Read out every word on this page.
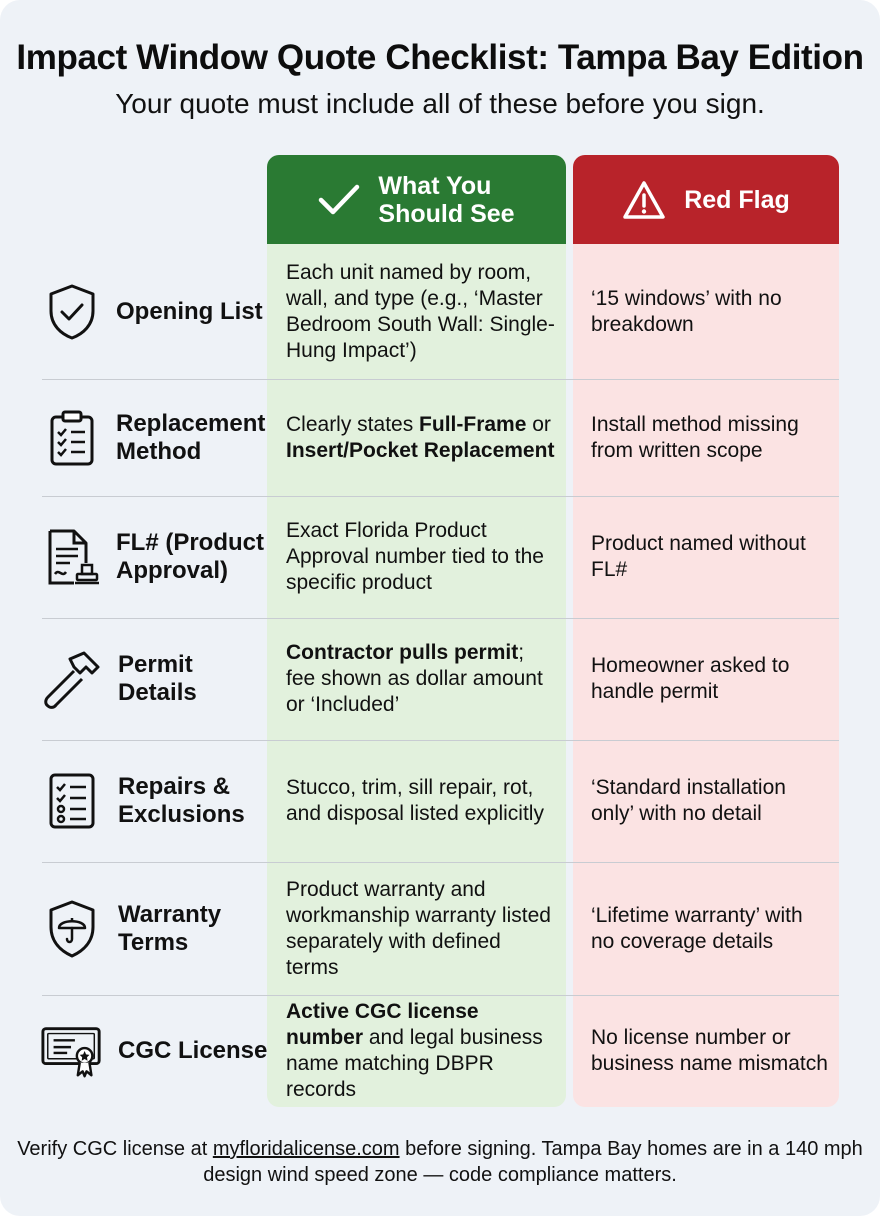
Impact Window Quote Checklist: Tampa Bay Edition

Your quote must include all of these before you sign.

What You
Should See	Red Flag
Opening List
Each unit named by room, wall, and type (e.g., ‘Master Bedroom South Wall: Single-Hung Impact’)
‘15 windows’ with no breakdown
Replacement Method
Clearly states Full-Frame or Insert/Pocket Replacement
Install method missing from written scope
FL# (Product Approval)
Exact Florida Product Approval number tied to the specific product
Product named without FL#
Permit Details
Contractor pulls permit; fee shown as dollar amount or ‘Included’
Homeowner asked to handle permit
Repairs & Exclusions
Stucco, trim, sill repair, rot, and disposal listed explicitly
‘Standard installation only’ with no detail
Warranty Terms
Product warranty and workmanship warranty listed separately with defined terms
‘Lifetime warranty’ with no coverage details
CGC License
Active CGC license number and legal business name matching DBPR records
No license number or business name mismatch
Verify CGC license at myfloridalicense.com before signing. Tampa Bay homes are in a 140 mph design wind speed zone — code compliance matters.
